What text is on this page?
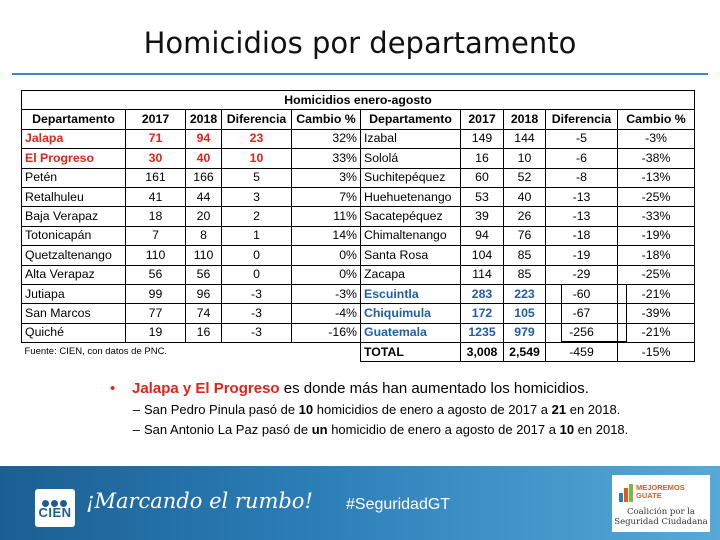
Homicidios por departamento
Homicidios enero-agosto									
Departamento	2017	2018	Diferencia	Cambio %	Departamento	2017	2018	Diferencia	Cambio %
Jalapa	71	94	23	32%	Izabal	149	144	-5	-3%
El Progreso	30	40	10	33%	Sololá	16	10	-6	-38%
Petén	161	166	5	3%	Suchitepéquez	60	52	-8	-13%
Retalhuleu	41	44	3	7%	Huehuetenango	53	40	-13	-25%
Baja Verapaz	18	20	2	11%	Sacatepéquez	39	26	-13	-33%
Totonicapán	7	8	1	14%	Chimaltenango	94	76	-18	-19%
Quetzaltenango	110	110	0	0%	Santa Rosa	104	85	-19	-18%
Alta Verapaz	56	56	0	0%	Zacapa	114	85	-29	-25%
Jutiapa	99	96	-3	-3%	Escuintla	283	223	-60	-21%
San Marcos	77	74	-3	-4%	Chiquimula	172	105	-67	-39%
Quiché	19	16	-3	-16%	Guatemala	1235	979	-256	-21%
Fuente: CIEN, con datos de PNC.					TOTAL	3,008	2,549	-459	-15%
• Jalapa y El Progreso es donde más han aumentado los homicidios.
– San Pedro Pinula pasó de 10 homicidios de enero a agosto de 2017 a 21 en 2018.
– San Antonio La Paz pasó de un homicidio de enero a agosto de 2017 a 10 en 2018.
CIEN ¡Marcando el rumbo! #SeguridadGT
MEJOREMOS
GUATE
Coalición por la
Seguridad Ciudadana
